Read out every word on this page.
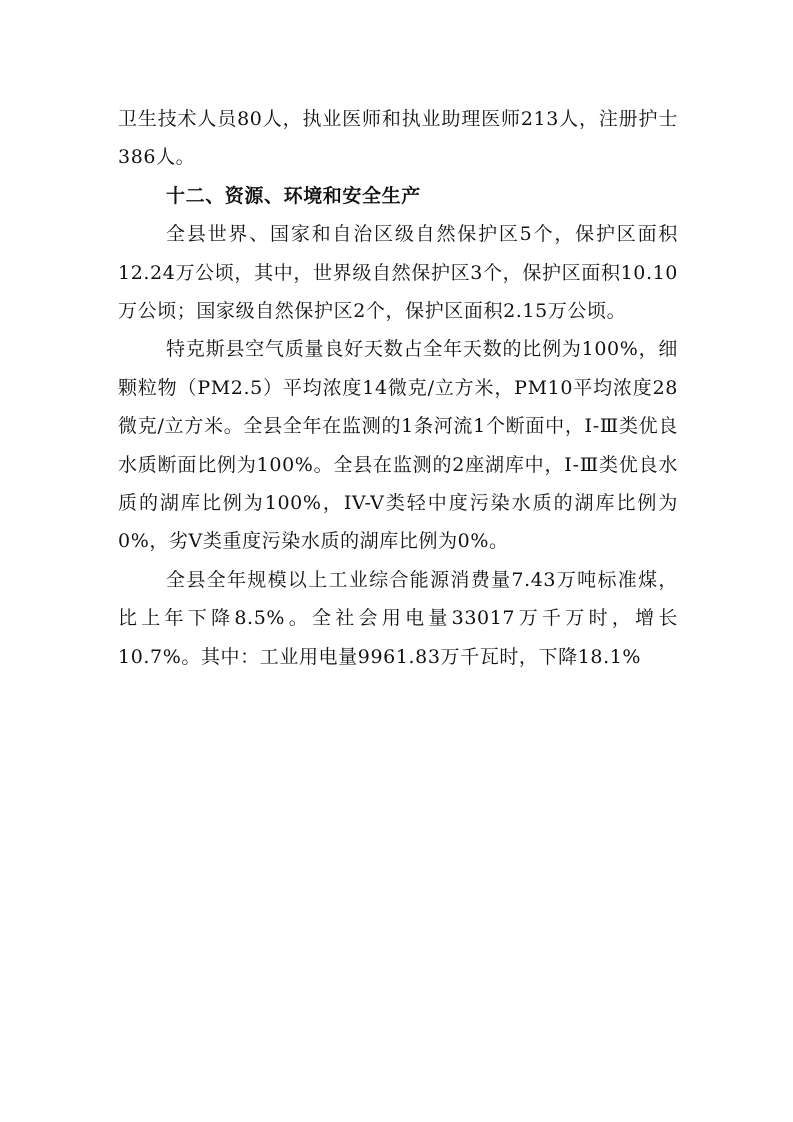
卫生技术人员80人，执业医师和执业助理医师213人，注册护士386人。

十二、资源、环境和安全生产

全县世界、国家和自治区级自然保护区5个，保护区面积12.24万公顷，其中，世界级自然保护区3个，保护区面积10.10万公顷；国家级自然保护区2个，保护区面积2.15万公顷。

特克斯县空气质量良好天数占全年天数的比例为100%，细颗粒物（PM2.5）平均浓度14微克/立方米，PM10平均浓度28微克/立方米。全县全年在监测的1条河流1个断面中，Ⅰ-Ⅲ类优良水质断面比例为100%。全县在监测的2座湖库中，Ⅰ-Ⅲ类优良水质的湖库比例为100%，IV-V类轻中度污染水质的湖库比例为0%，劣Ⅴ类重度污染水质的湖库比例为0%。

全县全年规模以上工业综合能源消费量7.43万吨标准煤，比上年下降8.5%。全社会用电量33017万千万时，增长10.7%。其中：工业用电量9961.83万千瓦时，下降18.1%
